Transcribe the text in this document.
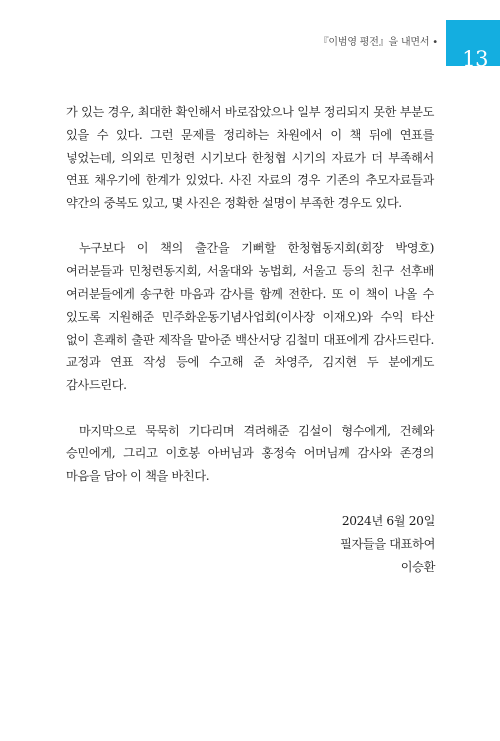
『이범영 평전』을 내면서 •
13

가 있는 경우, 최대한 확인해서 바로잡았으나 일부 정리되지 못한 부분도 있을 수 있다. 그런 문제를 정리하는 차원에서 이 책 뒤에 연표를 넣었는데, 의외로 민청련 시기보다 한청협 시기의 자료가 더 부족해서 연표 채우기에 한계가 있었다. 사진 자료의 경우 기존의 추모자료들과 약간의 중복도 있고, 몇 사진은 정확한 설명이 부족한 경우도 있다.

누구보다 이 책의 출간을 기뻐할 한청협동지회(회장 박영호) 여러분들과 민청련동지회, 서울대와 농법회, 서울고 등의 친구 선후배 여러분들에게 송구한 마음과 감사를 함께 전한다. 또 이 책이 나올 수 있도록 지원해준 민주화운동기념사업회(이사장 이재오)와 수익 타산 없이 흔쾌히 출판 제작을 맡아준 백산서당 김철미 대표에게 감사드린다. 교정과 연표 작성 등에 수고해 준 차영주, 김지현 두 분에게도 감사드린다.

마지막으로 묵묵히 기다리며 격려해준 김설이 형수에게, 건혜와 승민에게, 그리고 이호봉 아버님과 홍정숙 어머님께 감사와 존경의 마음을 담아 이 책을 바친다.

2024년 6월 20일
필자들을 대표하여
이승환
